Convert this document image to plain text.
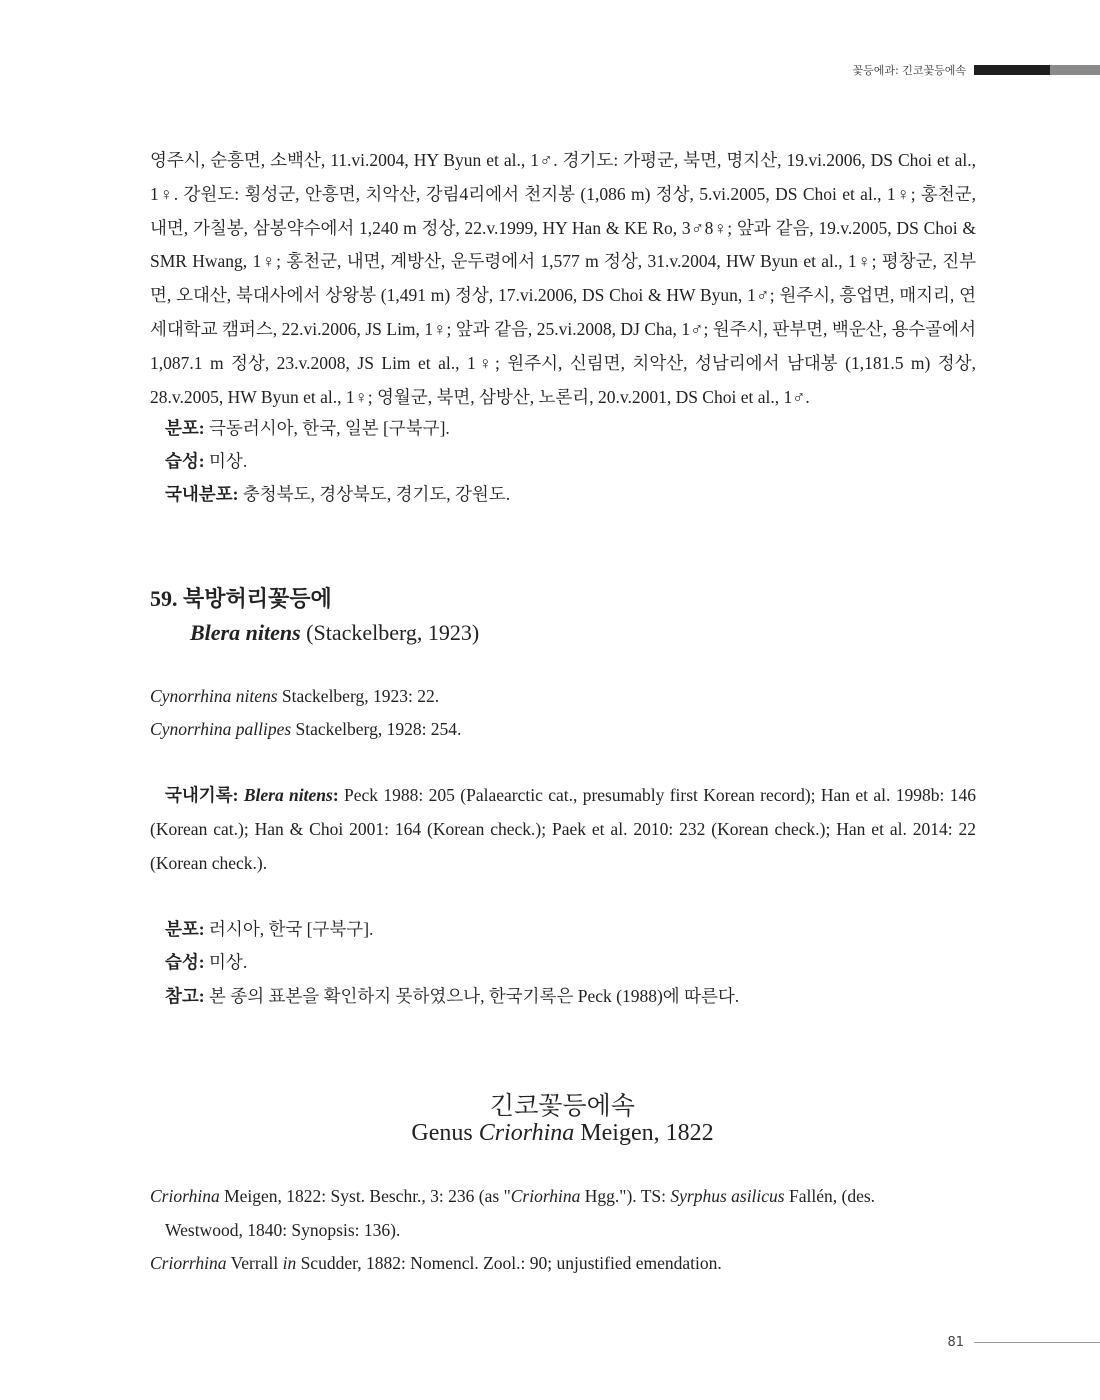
꽃등에과: 긴코꽃등에속

영주시, 순흥면, 소백산, 11.vi.2004, HY Byun et al., 1♂. 경기도: 가평군, 북면, 명지산, 19.vi.2006, DS Choi et al., 1♀. 강원도: 횡성군, 안흥면, 치악산, 강림4리에서 천지봉 (1,086 m) 정상, 5.vi.2005, DS Choi et al., 1♀; 홍천군, 내면, 가칠봉, 삼봉약수에서 1,240 m 정상, 22.v.1999, HY Han & KE Ro, 3♂8♀; 앞과 같음, 19.v.2005, DS Choi & SMR Hwang, 1♀; 홍천군, 내면, 계방산, 운두령에서 1,577 m 정상, 31.v.2004, HW Byun et al., 1♀; 평창군, 진부면, 오대산, 북대사에서 상왕봉 (1,491 m) 정상, 17.vi.2006, DS Choi & HW Byun, 1♂; 원주시, 흥업면, 매지리, 연세대학교 캠퍼스, 22.vi.2006, JS Lim, 1♀; 앞과 같음, 25.vi.2008, DJ Cha, 1♂; 원주시, 판부면, 백운산, 용수골에서 1,087.1 m 정상, 23.v.2008, JS Lim et al., 1♀; 원주시, 신림면, 치악산, 성남리에서 남대봉 (1,181.5 m) 정상, 28.v.2005, HW Byun et al., 1♀; 영월군, 북면, 삼방산, 노론리, 20.v.2001, DS Choi et al., 1♂.

분포: 극동러시아, 한국, 일본 [구북구].
습성: 미상.
국내분포: 충청북도, 경상북도, 경기도, 강원도.
59. 북방허리꽃등에
Blera nitens (Stackelberg, 1923)
Cynorrhina nitens Stackelberg, 1923: 22.
Cynorrhina pallipes Stackelberg, 1928: 254.

국내기록: Blera nitens: Peck 1988: 205 (Palaearctic cat., presumably first Korean record); Han et al. 1998b: 146 (Korean cat.); Han & Choi 2001: 164 (Korean check.); Paek et al. 2010: 232 (Korean check.); Han et al. 2014: 22 (Korean check.).

분포: 러시아, 한국 [구북구].
습성: 미상.
참고: 본 종의 표본을 확인하지 못하였으나, 한국기록은 Peck (1988)에 따른다.
긴코꽃등에속
Genus Criorhina Meigen, 1822
Criorhina Meigen, 1822: Syst. Beschr., 3: 236 (as "Criorhina Hgg."). TS: Syrphus asilicus Fallén, (des.
Westwood, 1840: Synopsis: 136).
Criorrhina Verrall in Scudder, 1882: Nomencl. Zool.: 90; unjustified emendation.
81
